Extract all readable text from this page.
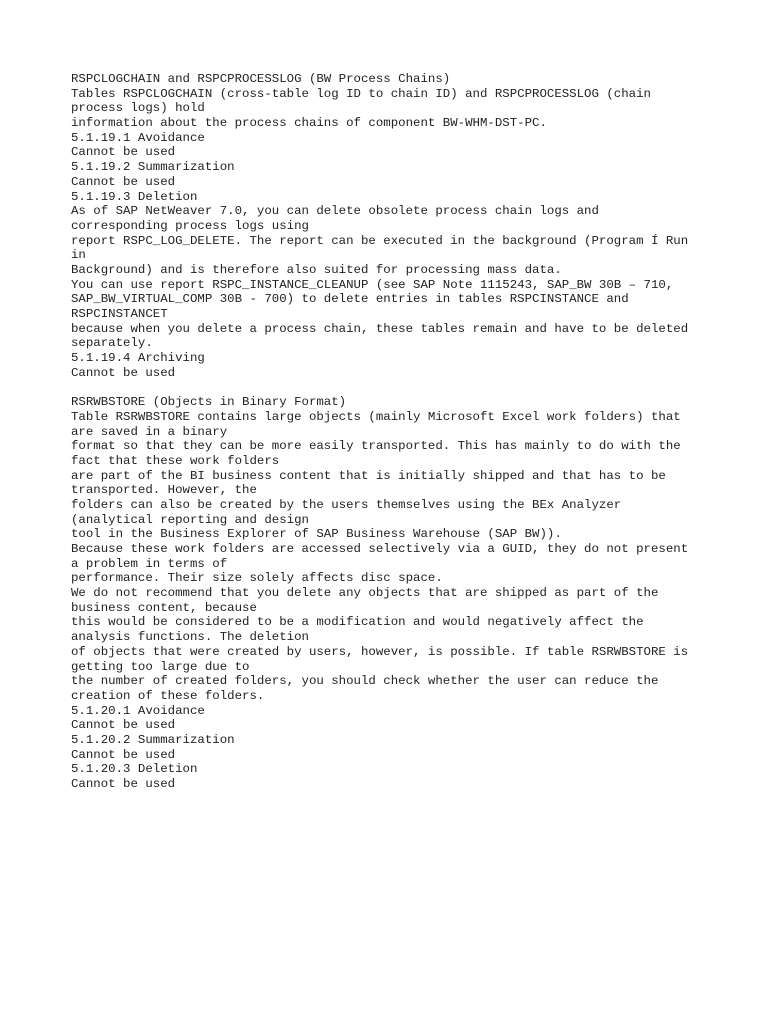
RSPCLOGCHAIN and RSPCPROCESSLOG (BW Process Chains)
Tables RSPCLOGCHAIN (cross-table log ID to chain ID) and RSPCPROCESSLOG (chain
process logs) hold
information about the process chains of component BW-WHM-DST-PC.
5.1.19.1 Avoidance
Cannot be used
5.1.19.2 Summarization
Cannot be used
5.1.19.3 Deletion
As of SAP NetWeaver 7.0, you can delete obsolete process chain logs and
corresponding process logs using
report RSPC_LOG_DELETE. The report can be executed in the background (Program Í Run
in
Background) and is therefore also suited for processing mass data.
You can use report RSPC_INSTANCE_CLEANUP (see SAP Note 1115243, SAP_BW 30B – 710,
SAP_BW_VIRTUAL_COMP 30B - 700) to delete entries in tables RSPCINSTANCE and
RSPCINSTANCET
because when you delete a process chain, these tables remain and have to be deleted
separately.
5.1.19.4 Archiving
Cannot be used
RSRWBSTORE (Objects in Binary Format)
Table RSRWBSTORE contains large objects (mainly Microsoft Excel work folders) that
are saved in a binary
format so that they can be more easily transported. This has mainly to do with the
fact that these work folders
are part of the BI business content that is initially shipped and that has to be
transported. However, the
folders can also be created by the users themselves using the BEx Analyzer
(analytical reporting and design
tool in the Business Explorer of SAP Business Warehouse (SAP BW)).
Because these work folders are accessed selectively via a GUID, they do not present
a problem in terms of
performance. Their size solely affects disc space.
We do not recommend that you delete any objects that are shipped as part of the
business content, because
this would be considered to be a modification and would negatively affect the
analysis functions. The deletion
of objects that were created by users, however, is possible. If table RSRWBSTORE is
getting too large due to
the number of created folders, you should check whether the user can reduce the
creation of these folders.
5.1.20.1 Avoidance
Cannot be used
5.1.20.2 Summarization
Cannot be used
5.1.20.3 Deletion
Cannot be used
